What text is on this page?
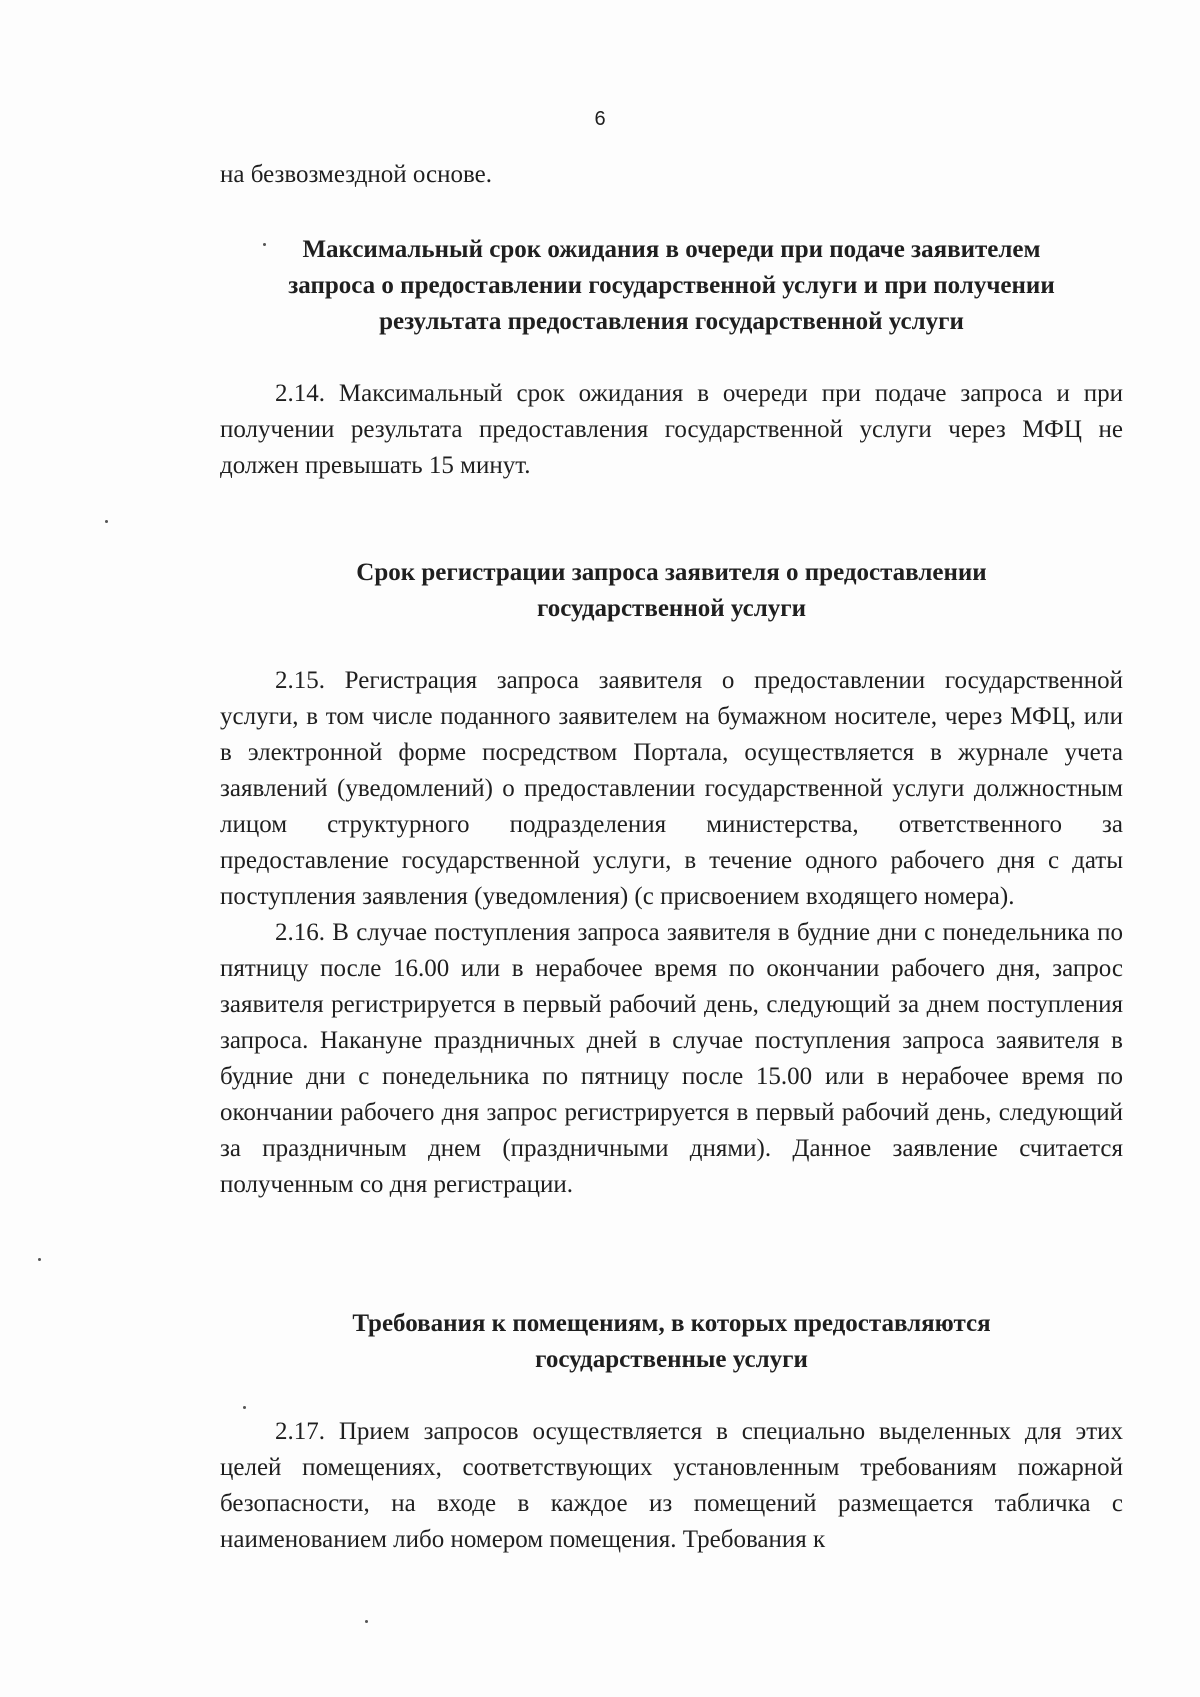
6

на безвозмездной основе.

Максимальный срок ожидания в очереди при подаче заявителем
запроса о предоставлении государственной услуги и при получении
результата предоставления государственной услуги

2.14. Максимальный срок ожидания в очереди при подаче запроса и при получении результата предоставления государственной услуги через МФЦ не должен превышать 15 минут.

Срок регистрации запроса заявителя о предоставлении
государственной услуги

2.15. Регистрация запроса заявителя о предоставлении государственной услуги, в том числе поданного заявителем на бумажном носителе, через МФЦ, или в электронной форме посредством Портала, осуществляется в журнале учета заявлений (уведомлений) о предоставлении государственной услуги должностным лицом структурного подразделения министерства, ответственного за предоставление государственной услуги, в течение одного рабочего дня с даты поступления заявления (уведомления) (с присвоением входящего номера).

2.16. В случае поступления запроса заявителя в будние дни с понедельника по пятницу после 16.00 или в нерабочее время по окончании рабочего дня, запрос заявителя регистрируется в первый рабочий день, следующий за днем поступления запроса. Накануне праздничных дней в случае поступления запроса заявителя в будние дни с понедельника по пятницу после 15.00 или в нерабочее время по окончании рабочего дня запрос регистрируется в первый рабочий день, следующий за праздничным днем (праздничными днями). Данное заявление считается полученным со дня регистрации.

Требования к помещениям, в которых предоставляются
государственные услуги

2.17. Прием запросов осуществляется в специально выделенных для этих целей помещениях, соответствующих установленным требованиям пожарной безопасности, на входе в каждое из помещений размещается табличка с наименованием либо номером помещения. Требования к
